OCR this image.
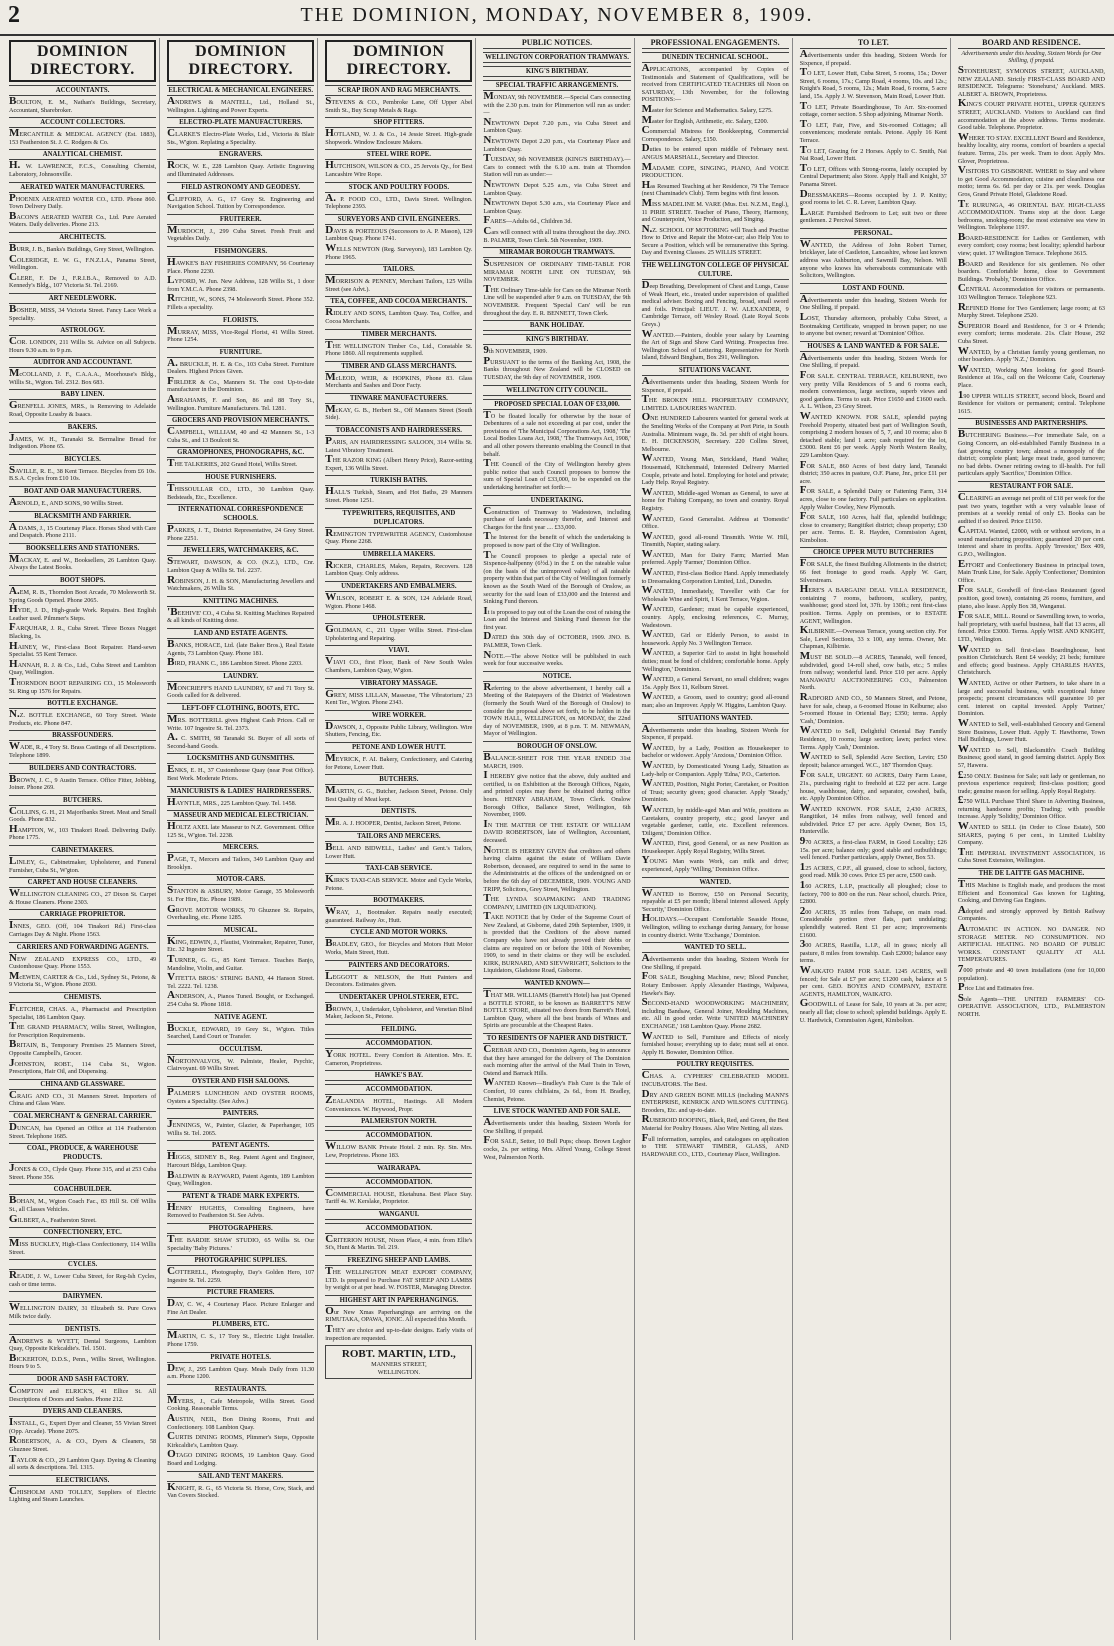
2	THE DOMINION, MONDAY, NOVEMBER 8, 1909.
DOMINION DIRECTORY.
ACCOUNTANTS.
BOULTON, E. M., Nathan's Buildings, Secretary, Accountant, Sharebroker.
ACCOUNT COLLECTORS.
MERCANTILE & MEDICAL AGENCY (Est. 1883), 153 Featherston St. J. C. Rodgers & Co.
ANALYTICAL CHEMIST.
H. W. LAWRENCE, F.C.S., Consulting Chemist, Laboratory, Johnsonville.
AERATED WATER MANUFACTURERS.
PHOENIX AERATED WATER CO., LTD. Phone 860. Town Delivery Daily.
BACON'S AERATED WATER Co., Ltd. Pure Aerated Waters. Daily deliveries. Phone 213.
ARCHITECTS.
BURR, J. B., Banks's Buildings, Grey Street, Wellington.
COLERIDGE, E. W. G., F.N.Z.I.A., Panama Street, Wellington.
CLERE, F. De J., F.R.I.B.A., Removed to A.D. Kennedy's Bldg., 107 Victoria St. Tel. 2169.
ART NEEDLEWORK.
BOSHER, MISS, 34 Victoria Street. Fancy Lace Work a Speciality.
ASTROLOGY.
COR. LONDON, 211 Willis St. Advice on all Subjects. Hours 9.30 a.m. to 9 p.m.
AUDITOR AND ACCOUNTANT.
McCOLLAND, J. F., C.A.A.A., Moorhouse's Bldg., Willis St., Wgton. Tel. 2312. Box 683.
BABY LINEN.
GRENFELL JONES, MRS., is Removing to Adelaide Road, Opposite Loasby & Isaacs.
BAKERS.
JAMES, W. H., Taranaki St. Bermaline Bread for Indigestion. Phone 65.
BICYCLES.
SAVILLE, R. E., 38 Kent Terrace. Bicycles from £6 10s. B.S.A. Cycles from £10 10s.
BOAT AND OAR MANUFACTURERS.
ARNOLD, E., AND SONS, 90 Willis Street.
BLACKSMITH AND FARRIER.
A DAMS, J., 15 Courtenay Place. Horses Shod with Care and Despatch. Phone 2111.
BOOKSELLERS AND STATIONERS.
MACKAY, E. and W., Booksellers, 26 Lambton Quay. Always the Latest Books.
BOOT SHOPS.
A.EM, R. B., Thorndon Boot Arcade, 70 Molesworth St. Spring Goods Opened. Phone 2065.
HYDE, J. D., High-grade Work. Repairs. Best English Leather used. Pilmmer's Steps.
FARQUHAR, J. R., Cuba Street. Three Boxes Nugget Blacking, 1s.
HAINEY, W., First-class Boot Repairer. Hand-sewn Specialist. 55 Kent Terrace.
HANNAH, R. J. & Co., Ltd., Cuba Street and Lambton Quay, Wellington.
THORNDON BOOT REPAIRING CO., 15 Molesworth St. Ring up 1576 for Repairs.
BOTTLE EXCHANGE.
N.Z. BOTTLE EXCHANGE, 60 Tory Street. Waste Products, etc. Phone 847.
BRASSFOUNDERS.
WADE, R., 4 Tory St. Brass Castings of all Descriptions. Telephone 1899.
BUILDERS AND CONTRACTORS.
BROWN, J. C., 9 Austin Terrace. Office Fitter, Jobbing, Joiner. Phone 269.
BUTCHERS.
COLLINS, G. H., 21 Majoribanks Street. Meat and Small Goods. Phone 832.
HAMPTON, W., 103 Tinakori Road. Delivering Daily. Phone 1775.
CABINETMAKERS.
LINLEY, G., Cabinetmaker, Upholsterer, and Funeral Furnisher, Cuba St., W'gton.
CARPET AND HOUSE CLEANERS.
WELLINGTON CLEANING CO., 27 Dixon St. Carpet & House Cleaners. Phone 2303.
CARRIAGE PROPRIETOR.
INNES, GEO. (Off, 104 Tinakori Rd.) First-class Carriages Day & Night. Phone 1563.
CARRIERS AND FORWARDING AGENTS.
NEW ZEALAND EXPRESS CO., LTD., 49 Customhouse Quay. Phone 1553.
McEWEN, CARTER & Co., Ltd., Sydney St., Petone, & 9 Victoria St., W'gton. Phone 2030.
CHEMISTS.
FLETCHER, CHAS. A., Pharmacist and Prescription Specialist, 186 Lambton Quay.
THE GRAND PHARMACY, Willis Street, Wellington, for Prescription Requirements.
BRITAIN, B., Temporary Premises 25 Manners Street, Opposite Campbell's, Grocer.
JOHNSTON, ROBT., 114 Cuba St., Wgton. Prescriptions, Hair Oil, and Dispensing.
CHINA AND GLASSWARE.
CRAIG AND CO., 31 Manners Street. Importers of China and Glass Ware.
COAL MERCHANT & GENERAL CARRIER.
DUNCAN, has Opened an Office at 114 Featherston Street. Telephone 1685.
COAL, PRODUCE, & WAREHOUSE PRODUCTS.
JONES & CO., Clyde Quay. Phone 315, and at 253 Cuba Street. Phone 356.
COACHBUILDER.
BOHAN, M., Wgton Coach Fac., 83 Hill St. Off Willis St., all Classes Vehicles.
GILBERT, A., Featherston Street.
CONFECTIONERY, ETC.
MISS BUCKLEY, High-Class Confectionery, 114 Willis Street.
CYCLES.
READE, J. W., Lower Cuba Street, for Reg-Ish Cycles, cash or time terms.
DAIRYMEN.
WELLINGTON DAIRY, 31 Elizabeth St. Pure Cows Milk twice daily.
DENTISTS.
ANDREWS & WYETT, Dental Surgeons, Lambton Quay, Opposite Kirkcaldie's. Tel. 1501.
BICKERTON, D.D.S., Penn., Willis Street, Wellington. Hours 9 to 5.
DOOR AND SASH FACTORY.
COMPTON and ELRICK'S, 41 Ellice St. All Descriptions of Doors and Sashes. Phone 212.
DYERS AND CLEANERS.
INSTALL, G., Expert Dyer and Cleaner, 55 Vivian Street (Opp. Arcade). 'Phone 2075.
ROBERTSON, A. & CO., Dyers & Cleaners, 58 Ghuznee Street.
TAYLOR & CO., 29 Lambton Quay. Dyeing & Cleaning all sorts & descriptions. Tel. 1315.
ELECTRICIANS.
CHISHOLM AND TOLLEY, Suppliers of Electric Lighting and Steam Launches.
DOMINION DIRECTORY.
ELECTRICAL & MECHANICAL ENGINEERS.
ANDREWS & MANTELL, Ltd., Holland St., Wellington. Lighting and Power Experts.
ELECTRO-PLATE MANUFACTURERS.
CLARKE'S Electro-Plate Works, Ltd., Victoria & Blair Sts., W'gton. Replating a Speciality.
ENGRAVERS.
ROCK, W. E., 228 Lambton Quay. Artistic Engraving and Illuminated Addresses.
FIELD ASTRONOMY AND GEODESY.
CLIFFORD, A. G., 17 Grey St. Engineering and Navigation School. Tuition by Correspondence.
FRUITERER.
MURDOCH, J., 299 Cuba Street. Fresh Fruit and Vegetables Daily.
FISHMONGERS.
HAWKE'S BAY FISHERIES COMPANY, 56 Courtenay Place. Phone 2230.
LYFORD, W. Jun. New Address, 128 Willis St., 1 door from Y.M.C.A. Phone 2398.
RITCHIE, W., SONS, 74 Molesworth Street. Phone 352. Fillets a speciality.
FLORISTS.
MURRAY, MISS, Vice-Regal Florist, 41 Willis Street. Phone 1254.
FURNITURE.
A. BRUCKLE, H. E. & Co., 103 Cuba Street. Furniture Dealers. Highest Prices Given.
FIRLDER & Co., Manners St. The cost Up-to-date manufacturer in the Dominion.
ABRAHAMS, F. and Son, 86 and 88 Tory St., Wellington. Furniture Manufacturers. Tel. 1281.
GROCERS AND PROVISION MERCHANTS.
CAMPBELL, WILLIAM, 40 and 42 Manners St., 1-3 Cuba St., and 13 Boulcott St.
GRAMOPHONES, PHONOGRAPHS, &C.
THE TALKERIES, 202 Grand Hotel, Willis Street.
HOUSE FURNISHERS.
THISSOULLAR CO., LTD., 30 Lambton Quay. Bedsteads, Etc., Excellence.
INTERNATIONAL CORRESPONDENCE SCHOOLS.
PARKES, J. T., District Representative, 24 Grey Street. Phone 2251.
JEWELLERS, WATCHMAKERS, &C.
STEWART, DAWSON, & CO. (N.Z.), LTD., Cnr. Lambton Quay & Willis St. Tel. 2237.
ROBINSON, J. H. & SON, Manufacturing Jewellers and Watchmakers, 26 Willis St.
KNITTING MACHINES.
'BEEHIVE' CO., 4 Cuba St. Knitting Machines Repaired & all kinds of Knitting done.
LAND AND ESTATE AGENTS.
BANKS, HORACE, Ltd. (late Baker Bros.), Real Estate Agents, 73 Lambton Quay. Phone 181.
BIRD, FRANK C., 186 Lambton Street. Phone 2203.
LAUNDRY.
MONCRIEFF'S HAND LAUNDRY, 67 and 71 Tory St. Goods called for & delivered.
LEFT-OFF CLOTHING, BOOTS, ETC.
MRS. BOTTERILL gives Highest Cash Prices. Call or Write. 107 Ingestre St. Tel. 2373.
A. C. SMITH, 98 Taranaki St. Buyer of all sorts of Second-hand Goods.
LOCKSMITHS AND GUNSMITHS.
ENKS, E. H., 37 Customhouse Quay (near Post Office). Best Work. Moderate Prices.
MANICURISTS & LADIES' HAIRDRESSERS.
HAYNTLE, MRS., 225 Lambton Quay. Tel. 1458.
MASSEUR AND MEDICAL ELECTRICIAN.
HOLTZ AXEL late Masseur to N.Z. Government. Office 125 St., W'gton. Tel. 2238.
MERCERS.
PAGE, T., Mercers and Tailors, 349 Lambton Quay and Brooklyn.
MOTOR-CARS.
STANTON & ASBURY, Motor Garage, 35 Molesworth St. For Hire, Etc. Phone 1989.
GROVE MOTOR WORKS, 70 Ghuznee St. Repairs, Overhauling, etc. Phone 1285.
MUSICAL.
KING, EDWIN, J., Flautist, Vioinmaker, Repairer, Tuner, Etc. 32 Ingestre Street.
TURNER, G. G., 85 Kent Terrace. Teaches Banjo, Mandoline, Violin, and Guitar.
VITETTA BROS.' STRING BAND, 44 Hanson Street. Tel. 2222. Tel. 1238.
ANDERSON, A., Pianos Tuned. Bought, or Exchanged. 254 Cuba St. Phone 1818.
NATIVE AGENT.
BUCKLE, EDWARD, 19 Grey St., W'gton. Titles Searched, Land Court or Transfer.
OCCULTISM.
NORTONVALVOS, W. Palmiste, Healer, Psychic, Clairvoyant. 69 Willis Street.
OYSTER AND FISH SALOONS.
PALMER'S LUNCHEON AND OYSTER ROOMS, Oysters a Speciality. (See Advs.)
PAINTERS.
JENNINGS, W., Painter, Glazier, & Paperhanger, 105 Willis St. Tel. 2065.
PATENT AGENTS.
HIGGS, SIDNEY B., Reg. Patent Agent and Engineer, Harcourt Bldgs, Lambton Quay.
BALDWIN & RAYWARD, Patent Agents, 189 Lambton Quay, Wellington.
PATENT & TRADE MARK EXPERTS.
HENRY HUGHES, Consulting Engineers, have Removed to Featherston St. See Advts.
PHOTOGRAPHERS.
THE BARDIE SHAW STUDIO, 65 Willis St. Our Speciality 'Baby Pictures.'
PHOTOGRAPHIC SUPPLIES.
COTTERELL, Photography, Day's Golden Hero, 107 Ingestre St. Tel. 2259.
PICTURE FRAMERS.
DAY, C. W., 4 Courtenay Place. Picture Enlarger and Fine Art Dealer.
PLUMBERS, ETC.
MARTIN, C. S., 17 Tory St., Electric Light Installer. Phone 1759.
PRIVATE HOTELS.
DEW, J., 295 Lambton Quay. Meals Daily from 11.30 a.m. Phone 1200.
RESTAURANTS.
MYERS, J., Cafe Metropole, Willis Street. Good Cooking. Reasonable Terms.
AUSTIN, NEIL, Bon Dining Rooms, Fruit and Confectionery. 108 Lambton Quay.
CURTIS DINING ROOMS, Plimmer's Steps, Opposite Kirkcaldie's, Lambton Quay.
OTAGO DINING ROOMS, 19 Lambton Quay. Good Board and Lodging.
SAIL AND TENT MAKERS.
KNIGHT, R. G., 65 Victoria St. Horse, Cow, Stack, and Van Covers Stocked.
DOMINION DIRECTORY.
SCRAP IRON AND RAG MERCHANTS.
STEVENS & CO., Pembroke Lane, Off Upper Abel Smith St., Buy Scrap Metals & Rags.
SHOP FITTERS.
HOTLAND, W. J. & Co., 14 Jessie Street. High-grade Shopwork. Window Enclosure Makers.
STEEL WIRE ROPE.
HUTCHISON, WILSON & CO., 25 Jervois Qy., for Best Lancashire Wire Rope.
STOCK AND POULTRY FOODS.
A. P. FOOD CO., LTD., Davis Street. Wellington. Telephone 2393.
SURVEYORS AND CIVIL ENGINEERS.
DAVIS & PORTEOUS (Successors to A. P. Mason), 129 Lambton Quay. Phone 1741.
WELLS NEWTON (Reg. Surveyors), 183 Lambton Qy. Phone 1965.
TAILORS.
MORRISON & PENNEY, Merchant Tailors, 125 Willis Street (see Advt.).
TEA, COFFEE, AND COCOA MERCHANTS.
RIDLEY AND SONS, Lambton Quay. Tea, Coffee, and Cocoa Merchants.
TIMBER MERCHANTS.
THE WELLINGTON Timber Co., Ltd., Constable St. Phone 1860. All requirements supplied.
TIMBER AND GLASS MERCHANTS.
McLEOD, WEIR, & HOPKINS, Phone 83. Glass Merchants and Sashes and Door Facty.
TINWARE MANUFACTURERS.
McKAY, G. B., Herbert St., Off Manners Street (South Side).
TOBACCONISTS AND HAIRDRESSERS.
PARIS, AN HAIRDRESSING SALOON, 314 Willis St. Latest Vibratory Treatment.
THE RAZOR KING (Albert Henry Price), Razor-setting Expert, 136 Willis Street.
TURKISH BATHS.
HALL'S Turkish, Steam, and Hot Baths, 29 Manners Street. Phone 1251.
TYPEWRITERS, REQUISITES, AND DUPLICATORS.
REMINGTON TYPEWRITER AGENCY, Customhouse Quay. Phone 2268.
UMBRELLA MAKERS.
RICKER, CHARLES, Makes, Repairs, Recovers. 128 Lambton Quay. Only address.
UNDERTAKERS AND EMBALMERS.
WILSON, ROBERT E. & SON, 124 Adelaide Road, Wgton. Phone 1468.
UPHOLSTERER.
GOLDMAN, C., 211 Upper Willis Street. First-class Upholstering and Repairing.
VIAVI.
VIAVI CO., first Floor, Bank of New South Wales Chambers, Lambton Quay, W'gton.
VIBRATORY MASSAGE.
GREY, MISS LILLAN, Masseuse, 'The Vibratorium,' 23 Kent Ter., W'gton. Phone 2343.
WIRE WORKER.
DAWSON, J., Opposite Public Library, Wellington. Wire Shutters, Fencing, Etc.
PETONE AND LOWER HUTT.
MEYRICK, F. AI. Bakery, Confectionery, and Catering for Petone, Lower Hutt.
BUTCHERS.
MARTIN, G. G., Butcher, Jackson Street, Petone. Only Best Quality of Meat kept.
DENTISTS.
MR. A. J. HOOPER, Dentist, Jackson Street, Petone.
TAILORS AND MERCERS.
BELL AND BIDWELL, Ladies' and Gent.'s Tailors, Lower Hutt.
TAXI-CAB SERVICE.
KIRK'S TAXI-CAB SERVICE. Motor and Cycle Works, Petone.
BOOTMAKERS.
WRAY, J., Bootmaker. Repairs neatly executed; guaranteed. Railway Av., Hutt.
CYCLE AND MOTOR WORKS.
BRADLEY, GEO., for Bicycles and Motors Hutt Motor Works, Main Street, Hutt.
PAINTERS AND DECORATORS.
LEGGOTT & NELSON, the Hutt Painters and Decorators. Estimates given.
UNDERTAKER UPHOLSTERER, ETC.
BROWN, J., Undertaker, Upholsterer, and Venetian Blind Maker, Jackson St., Petone.
FEILDING.
ACCOMMODATION.
YORK HOTEL. Every Comfort & Attention. Mrs. E. Cameron, Proprietress.
HAWKE'S BAY.
ACCOMMODATION.
ZEALANDIA HOTEL, Hastings. All Modern Conveniences. W. Heywood, Propr.
PALMERSTON NORTH.
ACCOMMODATION.
WILLOW BANK Private Hotel. 2 min. Ry. Stn. Mrs. Lew, Proprietress. Phone 183.
WAIRARAPA.
ACCOMMODATION.
COMMERCIAL HOUSE, Eketahuna. Best Place Stay. Tariff 4s. W. Kerslake, Proprietor.
WANGANUI.
ACCOMMODATION.
CRITERION HOUSE, Nixon Place, 4 min. from Ellie's St's, Hunt & Martin. Tel. 219.
FREEZING SHEEP AND LAMBS.
THE WELLINGTON MEAT EXPORT COMPANY, LTD. Is prepared to Purchase FAT SHEEP AND LAMBS by weight or at per head. W. FOSTER, Managing Director.
HIGHEST ART IN PAPERHANGINGS.
Our New Xmas Paperhangings are arriving on the RIMUTAKA, OPAWA, IONIC. All expected this Month.
THEY are choice and up-to-date designs. Early visits of inspection are requested.
ROBT. MARTIN, LTD.,
MANNERS STREET,
WELLINGTON.
PUBLIC NOTICES.
WELLINGTON CORPORATION TRAMWAYS.
KING'S BIRTHDAY.
SPECIAL TRAFFIC ARRANGEMENTS.
MONDAY, 9th NOVEMBER.—Special Cars connecting with the 2.30 p.m. train for Plimmerton will run as under:—
NEWTOWN Depot 7.20 p.m., via Cuba Street and Lambton Quay.
NEWTOWN Depot 2.20 p.m., via Courtenay Place and Lambton Quay.
TUESDAY, 9th NOVEMBER (KING'S BIRTHDAY).—Cars to connect with the 6.10 a.m. train at Thorndon Station will run as under:—
NEWTOWN Depot 5.25 a.m., via Cuba Street and Lambton Quay.
NEWTOWN Depot 5.30 a.m., via Courtenay Place and Lambton Quay.
FARES—Adults 6d., Children 3d.
Cars will connect with all trains throughout the day. JNO. B. PALMER, Town Clerk. 5th November, 1909.
MIRAMAR BOROUGH TRAMWAYS.
SUSPENSION OF ORDINARY TIME-TABLE FOR MIRAMAR NORTH LINE ON TUESDAY, 9th NOVEMBER.
THE Ordinary Time-table for Cars on the Miramar North Line will be suspended after 9 a.m. on TUESDAY, the 9th NOVEMBER. Frequent 'Special Cars' will be run throughout the day. E. R. BENNETT, Town Clerk.
BANK HOLIDAY.
KING'S BIRTHDAY.
9th NOVEMBER, 1909.
PURSUANT to the terms of the Banking Act, 1908, the Banks throughout New Zealand will be CLOSED on TUESDAY, the 9th day of NOVEMBER, 1909.
WELLINGTON CITY COUNCIL.
PROPOSED SPECIAL LOAN OF £33,000.
TO be floated locally for otherwise by the issue of Debentures of a sale not exceeding at par cost, under the provisions of 'The Municipal Corporations Act, 1908,' 'The Local Bodies Loans Act, 1908,' 'The Tramways Act, 1908,' and all other powers thereunto enabling the Council in that behalf.
THE Council of the City of Wellington hereby gives public notice that such Council proposes to borrow the sum of Special Loan of £33,000, to be expended on the undertaking hereinafter set forth:—
UNDERTAKING.
Construction of Tramway to Wadestown, including purchase of lands necessary therefor, and Interest and Charges for the first year .... £33,000.
The Interest for the benefit of which the undertaking is proposed is now part of the City of Wellington.
The Council proposes to pledge a special rate of Sixpence-halfpenny (6½d.) in the £ on the rateable value (on the basis of the unimproved value) of all rateable property within that part of the City of Wellington formerly known as the South Ward of the Borough of Onslow, as security for the said loan of £33,000 and the Interest and Sinking Fund thereon.
It is proposed to pay out of the Loan the cost of raising the Loan and the Interest and Sinking Fund thereon for the first year.
DATED this 30th day of OCTOBER, 1909. JNO. B. PALMER, Town Clerk.
NOTE.—The above Notice will be published in each week for four successive weeks.
NOTICE.
Referring to the above advertisement, I hereby call a Meeting of the Ratepayers of the District of Wadestown (formerly the South Ward of the Borough of Onslow) to consider the proposal above set forth, to be holden in the TOWN HALL, WELLINGTON, on MONDAY, the 22nd day of NOVEMBER, 1909, at 8 p.m. T. M. NEWMAN, Mayor of Wellington.
BOROUGH OF ONSLOW.
BALANCE-SHEET FOR THE YEAR ENDED 31st MARCH, 1909.
I HEREBY give notice that the above, duly audited and certified, is on Exhibition at the Borough Offices, Ngaio, and printed copies may there be obtained during office hours. HENRY ABRAHAM, Town Clerk. Onslow Borough Office, Ballance Street, Wellington, 6th November, 1909.
IN THE MATTER OF THE ESTATE OF WILLIAM DAVID ROBERTSON, late of Wellington, Accountant, deceased.
NOTICE IS HEREBY GIVEN that creditors and others having claims against the estate of William Davie Robertson, deceased, are required to send in the same to the Administratrix at the offices of the undersigned on or before the 6th day of DECEMBER, 1909. YOUNG AND TRIPP, Solicitors, Grey Street, Wellington.
THE LYNDA SOAPMAKING AND TRADING COMPANY, LIMITED (IN LIQUIDATION).
TAKE NOTICE that by Order of the Supreme Court of New Zealand, at Gisborne, dated 29th September, 1909, it is provided that the Creditors of the above named Company who have not already proved their debts or claims are required on or before the 10th of November, 1909, to send in their claims or they will be excluded. KIRK, BURNARD, AND SIEVWRIGHT, Solicitors to the Liquidators, Gladstone Road, Gisborne.
WANTED KNOWN—
THAT MR. WILLIAMS (Barrett's Hotel) has just Opened a BOTTLE STORE, to be known as BARRETT'S NEW BOTTLE STORE, situated two doors from Barrett's Hotel, Lambton Quay, where all the best brands of Wines and Spirits are procurable at the Cheapest Rates.
TO RESIDENTS OF NAPIER AND DISTRICT.
CREBAR AND CO., Dominion Agents, beg to announce that they have arranged for the delivery of The Dominion each morning after the arrival of the Mail Train in Town, Ostend and Barrack Hills.
WANTED Known—Bradley's Fish Cure is the Tale of Comfort, 10 cures chilblains, 2s 6d., from H. Bradley, Chemist, Petone.
LIVE STOCK WANTED AND FOR SALE.
Advertisements under this heading, Sixteen Words for One Shilling, if prepaid.
FOR SALE, Setter, 10 Bull Pups; cheap. Brown Leghor cocks, 2s. per setting. Mrs. Alfred Young, College Street West, Palmerston North.
PROFESSIONAL ENGAGEMENTS.
DUNEDIN TECHNICAL SCHOOL.
APPLICATIONS, accompanied by Copies of Testimonials and Statement of Qualifications, will be received from CERTIFICATED TEACHERS till Noon on SATURDAY, 13th November, for the following POSITIONS:—
Master for Science and Mathematics. Salary, £275.
Master for English, Arithmetic, etc. Salary, £200.
Commercial Mistress for Bookkeeping, Commercial Correspondence. Salary, £150.
Duties to be entered upon middle of February next. ANGUS MARSHALL, Secretary and Director.
MADAME COPE, SINGING, PIANO, And VOICE PRODUCTION.
Has Resumed Teaching at her Residence, 79 The Terrace (next Chaminade's Club). Term begins with first lesson.
MISS MADELINE M. VARE (Mus. Ext. N.Z.M., Engl.), 11 PIRIE STREET. Teacher of Piano, Theory, Harmony, and Counterpoint, Voice Production, and Singing.
N.Z. SCHOOL OF MOTORING will Teach and Practise How to Drive and Repair the Motor-car; also Help You to Secure a Position, which will be remunerative this Spring. Day and Evening Classes. 25 WILLIS STREET.
THE WELLINGTON COLLEGE OF PHYSICAL CULTURE.
Deep Breathing, Development of Chest and Lungs, Cause of Weak Heart, etc., treated under supervision of qualified medical adviser. Boxing and Fencing, broad, small sword and foils. Principal: LIEUT. J. W. ALEXANDER, 9 Cambridge Terrace, off Wesley Road. (Late Royal Scots Greys.)
WANTED.—Painters, double your salary by Learning the Art of Sign and Show Card Writing. Prospectus free. Wellington School of Lettering. Representative for North Island, Edward Bingham, Box 291, Wellington.
SITUATIONS VACANT.
Advertisements under this heading, Sixteen Words for Sixpence, if prepaid.
THE BROKEN HILL PROPRIETARY COMPANY, LIMITED. LABOURERS WANTED.
ONE HUNDRED Labourers wanted for general work at the Smelting Works of the Company at Port Pirie, in South Australia. Minimum wage, 8s. 3d. per shift of eight hours. E. H. DICKENSON, Secretary. 220 Collins Street, Melbourne.
WANTED, Young Man, Strickland, Hand Walter, Housemaid, Kitchenmaid, Interested Delivery Married Couple, private and hotel. Employing for hotel and private; Lady Help. Royal Registry.
WANTED, Middle-aged Woman as General, to save at home for Fishing Company, no town and country. Royal Registry.
WANTED, Good Generalist. Address at 'Domestic' Office.
WANTED, good all-round Tinsmith. Write W. Hill, Tinsmith, Napier, stating salary.
WANTED, Man for Dairy Farm; Married Man preferred. Apply 'Farmer,' Dominion Office.
WANTED, First-class Bodice Hand. Apply immediately to Dressmaking Corporation Limited, Ltd., Dunedin.
WANTED, Immediately, Traveller with Car for Wholesale Wine and Spirit, 1 Kent Terrace, Wgton.
WANTED, Gardener; must be capable experienced, country. Apply, enclosing references, C. Murray, Wadestown.
WANTED, Girl or Elderly Person, to assist in housework. Apply No. 3 Wellington Terrace.
WANTED, a Superior Girl to assist in light household duties; must be fond of children; comfortable home. Apply 'Wellington,' Dominion.
WANTED, a General Servant, no small children; wages 15s. Apply Box 11, Kelburn Street.
WANTED, a Groom, used to country; good all-round man; also an Improver. Apply W. Higgins, Lambton Quay.
SITUATIONS WANTED.
Advertisements under this heading, Sixteen Words for Sixpence, if prepaid.
WANTED, by a Lady, Position as Housekeeper to bachelor or widower. Apply 'Anxious,' Dominion Office.
WANTED, by Domesticated Young Lady, Situation as Lady-help or Companion. Apply 'Edna,' P.O., Carterton.
WANTED, Position, Night Porter, Caretaker, or Position of Trust; security given; good character. Apply 'Steady,' Dominion.
WANTED, by middle-aged Man and Wife, positions as Caretakers, country property, etc.; good lawyer and vegetable gardener, cattle, etc. Excellent references. 'Diligent,' Dominion Office.
WANTED, First, good General, or as new Position as Housekeeper. Apply Royal Registry, Willis Street.
YOUNG Man wants Work, can milk and drive; experienced, Apply 'Willing,' Dominion Office.
WANTED.
WANTED to Borrow, £50 on Personal Security, repayable at £5 per month; liberal interest allowed. Apply 'Security,' Dominion Office.
HOLIDAYS.—Occupant Comfortable Seaside House, Wellington, willing to exchange during January, for house in country district. Write 'Exchange,' Dominion.
WANTED TO SELL.
Advertisements under this heading, Sixteen Words for One Shilling, if prepaid.
FOR SALE, Boughing Machine, new; Blood Puncher, Rotary Embosser. Apply Alexander Hastings, Walpawa, Hawke's Bay.
SECOND-HAND WOODWORKING MACHINERY, including Bandsaw, General Joiner, Moulding Machines, etc. All in good order. Write 'UNITED MACHINERY EXCHANGE,' 168 Lambton Quay. Phone 2682.
WANTED to Sell, Furniture and Effects of nicely furnished house; everything up to date; must sell at once. Apply H. Bowater, Dominion Office.
POULTRY REQUISITES.
CHAS. A. CYPHERS' CELEBRATED MODEL INCUBATORS. The Best.
DRY AND GREEN BONE MILLS (including MANN'S ENTERPRISE, KENRICK AND WILSON'S CUTTING). Brooders, Etc. and up-to-date.
RUBEROID ROOFING, Black, Red, and Green, the Best Material for Poultry Houses. Also Wire Netting, all sizes.
Full information, samples, and catalogues on application to THE STEWART TIMBER, GLASS, AND HARDWARE CO., LTD., Courtenay Place, Wellington.
TO LET.
Advertisements under this heading, Sixteen Words for Sixpence, if prepaid.
TO LET, Lower Hutt, Cuba Street, 5 rooms, 15s.; Dover Street, 6 rooms, 17s.; Camp Road, 4 rooms, 10s. and 12s.; Knight's Road, 5 rooms, 12s.; Main Road, 6 rooms, 5 acre land, 15s. Apply J. W. Stevenson, Main Road, Lower Hutt.
TO LET, Private Boardinghouse, To Arr. Six-roomed cottage, corner section. 5 Shop adjoining, Miramar North.
TO LET, Fair, Five, and Six-roomed Cottages; all conveniences; moderate rentals. Petone. Apply 16 Kent Terrace.
TO LET, Grazing for 2 Horses. Apply to C. Smith, Nai Nai Road, Lower Hutt.
TO LET, Offices with Strong-rooms, lately occupied by Central Department; also Store. Apply Hall and Knight, 37 Panama Street.
DRESSMAKERS—Rooms occupied by J. P. Knitty; good rooms to let. C. R. Lever, Lambton Quay.
LARGE Furnished Bedroom to Let; suit two or three gentlemen. 2 Percival Street.
PERSONAL.
WANTED, the Address of John Robert Turner, bricklayer, late of Castleton, Lancashire, whose last known address was Ashburton, and Sawmill Bay, Nelson. Will anyone who knows his whereabouts communicate with Solicitors, Wellington.
LOST AND FOUND.
Advertisements under this heading, Sixteen Words for One Shilling, if prepaid.
LOST, Thursday afternoon, probably Cuba Street, a Bootmaking Certificate, wrapped in brown paper; no use to anyone but owner; reward at 'Dominion' Office.
HOUSES & LAND WANTED & FOR SALE.
Advertisements under this heading, Sixteen Words for One Shilling, if prepaid.
FOR SALE. CENTRAL TERRACE, KELBURNE, two very pretty Villa Residences of 5 and 6 rooms each, modern conveniences, large sections, superb views and good gardens. Terms to suit. Price £1650 and £1600 each. A. L. Wilson, 23 Grey Street.
WANTED KNOWN. FOR SALE, splendid paying Freehold Property, situated best part of Wellington South, comprising 2 modern houses of 5, 7, and 10 rooms; also 8 detached stable; land 1 acre; cash required for the lot, £3000. Rent £6 per week. Apply North Western Realty, 229 Lambton Quay.
FOR SALE, 860 Acres of best dairy land, Taranaki district; 350 acres in pasture, O.F. Piane, Jnr., price £11 per acre.
FOR SALE, a Splendid Dairy or Fattening Farm, 314 acres, close to one factory. Full particulars on application. Apply Walter Cowley, New Plymouth.
FOR SALE, 160 Acres, half flat, splendid buildings; close to creamery; Rangitikei district; cheap property; £30 per acre. Terms. E. R. Hayden, Commission Agent, Kimbolton.
CHOICE UPPER MUTU BUTCHERIES
FOR SALE, the finest Building Allotments in the district; 66 feet frontage to good roads. Apply W. Garr, Silverstream.
HERE'S A BARGAIN! DEAL VILLA RESIDENCE, containing 7 rooms, bathroom, scullery, pantry, washhouse; good sized lot, 37ft. by 130ft.; rent first-class position. Terms. Apply on premises, or to ESTATE AGENT, Wellington.
KILBIRNIE.—Overseas Terrace, young section city. For Sale, Level Sections, 33 x 100, any terms. Owner, Mr. Chapman, Kilbirnie.
MUST BE SOLD.—8 ACRES, Taranaki, well fenced, subdivided, good 14-roll shed, cow bails, etc.; 5 miles from railway; wonderful land. Price £10 per acre. Apply MANAWATU AUCTIONEERING CO., Palmerston North.
RADFORD AND CO., 50 Manners Street, and Petone, have for sale, cheap, a 6-roomed House in Kelburne; also 5-roomed House in Oriental Bay; £350; terms. Apply 'Cash,' Dominion.
WANTED to Sell, Delightful Oriental Bay Family Residence, 10 rooms; large section; lawn; perfect view. Terms. Apply 'Cash,' Dominion.
WANTED to Sell, Splendid Acre Section, Levin; £50 deposit; balance arranged. W.C., 187 Thorndon Quay.
FOR SALE, URGENT. 60 ACRES, Dairy Farm Lease, 21s., purchasing right to freehold at £22 per acre. Large house, washhouse, dairy, and separator, cowshed, bails, etc. Apply Dominion Office.
WANTED KNOWN. FOR SALE, 2,430 ACRES, Rangitikei, 14 miles from railway, well fenced and subdivided. Price £7 per acre. Apply Owner, Box 15, Hunterville.
970 ACRES, a first-class FARM, in Good Locality; £26 15s. per acre; balance only; good stable and outbuildings; well fenced. Further particulars, apply Owner, Box 53.
125 ACRES, C.P.F., all grassed, close to school, factory, good road. Milk 30 cows. Price £5 per acre, £500 cash.
160 ACRES, L.I.P., practically all ploughed; close to factory, 700 to 800 on the run. Near school, church. Price, £2800.
200 ACRES, 35 miles from Taihape, on main road. Considerable portion river flats, part undulating; splendidly watered. Rent £1 per acre; improvements £1600.
300 ACRES, Rastilla, L.I.P., all in grass; nicely all pasture, 8 miles from township. Cash £2000; balance easy terms.
WAIKATO FARM FOR SALE. 1245 ACRES, well fenced; for Sale at £7 per acre; £1200 cash, balance at 5 per cent. GEO. BOYES AND COMPANY, ESTATE AGENTS, HAMILTON, WAIKATO.
GOODWILL of Lease for Sale, 10 years at 3s. per acre; nearly all flat; close to school; splendid buildings. Apply E. U. Hardwick, Commission Agent, Kimbolton.
BOARD AND RESIDENCE.
Advertisements under this heading, Sixteen Words for One Shilling, if prepaid.
STONEHURST, SYMONDS STREET, AUCKLAND, NEW ZEALAND. Strictly FIRST-CLASS BOARD AND RESIDENCE. Telegrams: 'Stonehurst,' Auckland. MRS. ALBERT A. BROWN, Proprietress.
KING'S COURT PRIVATE HOTEL, UPPER QUEEN'S STREET, AUCKLAND. Visitors to Auckland can find accommodation at the above address. Terms moderate. Good table. Telephone. Proprietor.
WHERE TO STAY. EXCELLENT Board and Residence, healthy locality, airy rooms, comfort of boarders a special feature. Terms, 21s. per week. Tram to door. Apply Mrs. Glover, Proprietress.
VISITORS TO GISBORNE. WHERE to Stay and where to get Good Accommodation; cuisine and cleanliness our motto; terms 6s. 6d. per day or 21s. per week. Douglas Gros, Grand Private Hotel, Gladstone Road.
TE RURUNGA, 46 ORIENTAL BAY. HIGH-CLASS ACCOMMODATION. Trams stop at the door. Large bedrooms, smoking-room; the most extensive sea view in Wellington. Telephone 1197.
BOARD-RESIDENCE for Ladies or Gentlemen, with every comfort; cosy rooms; best locality; splendid harbour view; quiet. 17 Wellington Terrace. Telephone 3615.
BOARD and Residence for six gentlemen. No other boarders. Comfortable home, close to Government Buildings. 'Probably,' Dominion Office.
CENTRAL Accommodation for visitors or permanents. 103 Wellington Terrace. Telephone 923.
REFINED Home for Two Gentlemen; large room; at 63 Murphy Street. Telephone 2520.
SUPERIOR Board and Residence, for 3 or 4 Friends; every comfort; terms moderate. 21s. Clair House, 292 Cuba Street.
WANTED, by a Christian family young gentleman, no other boarders. Apply 'N.Z.,' Dominion.
WANTED, Working Men looking for good Board-Residence at 16s., call on the Welcome Cafe, Courtenay Place.
190 UPPER WILLIS STREET, second block, Board and Residence for visitors or permanent; central. Telephone 1615.
BUSINESSES AND PARTNERSHIPS.
BUTCHERING Business.—For immediate Sale, on a Going Concern, an old-established Family Business in a fast growing country town; almost a monopoly of the district; complete plant; large meat trade, good turnover; no bad debts. Owner retiring owing to ill-health. For full particulars apply 'Sacrifice,' Dominion Office.
RESTAURANT FOR SALE.
CLEARING an average net profit of £18 per week for the past two years, together with a very valuable lease of premises at a weekly rental of only £3. Books can be audited if so desired. Price £1150.
CAPITAL Wanted, £2000, with or without services, in a sound manufacturing proposition; guaranteed 20 per cent. interest and share in profits. Apply 'Investor,' Box 409, G.P.O., Wellington.
EFFORT and Confectionery Business in principal town, Main Trunk Line, for Sale. Apply 'Confectioner,' Dominion Office.
FOR SALE, Goodwill of first-class Restaurant (good position, good town), containing 26 rooms, furniture, and piano, also lease. Apply Box 38, Wanganui.
FOR SALE, MILL. Round or Sawmilling town, to works, half proprietary, with useful business, half flat 13 acres, all fenced. Price £3000. Terms. Apply WISE AND KNIGHT, LTD., Wellington.
WANTED to Sell first-class Boardinghouse, best position Christchurch. Rent £4 weekly; 21 beds; furniture and effects; good business. Apply CHARLES HAYES, Christchurch.
WANTED, Active or other Partners, to take share in a large and successful business, with exceptional future prospects; present circumstances will guarantee 10 per cent. interest on capital invested. Apply 'Partner,' Dominion.
WANTED to Sell, well-established Grocery and General Store Business, Lower Hutt. Apply T. Hawthorne, Town Hall Buildings, Lower Hutt.
WANTED to Sell, Blacksmith's Coach Building Business; good stand, in good farming district. Apply Box 57, Hawera.
£250 ONLY. Business for Sale; suit lady or gentleman, no previous experience required; first-class position; good trade; genuine reason for selling. Apply Royal Registry.
£750 WILL Purchase Third Share in Adverting Business, returning handsome profits; Trading; with possible increase. Apply 'Solidity,' Dominion Office.
WANTED to SELL (in Order to Close Estate), 500 SHARES, paying 6 per cent., in Limited Liability Company.
THE IMPERIAL INVESTMENT ASSOCIATION, 16 Cuba Street Extension, Wellington.
THE DE LAITTE GAS MACHINE.
THIS Machine is English made, and produces the most Efficient and Economical Gas known for Lighting, Cooking, and Driving Gas Engines.
Adopted and strongly approved by British Railway Companies.
AUTOMATIC IN ACTION. NO DANGER. NO STORAGE METER. NO CONSUMPTION. NO ARTIFICIAL HEATING. NO BOARD OF PUBLIC WORKS. CONSTANT QUALITY AT ALL TEMPERATURES.
7000 private and 40 town installations (one for 10,000 population).
Price List and Estimates free.
Sole Agents—THE UNITED FARMERS' CO-OPERATIVE ASSOCIATION, LTD., PALMERSTON NORTH.
